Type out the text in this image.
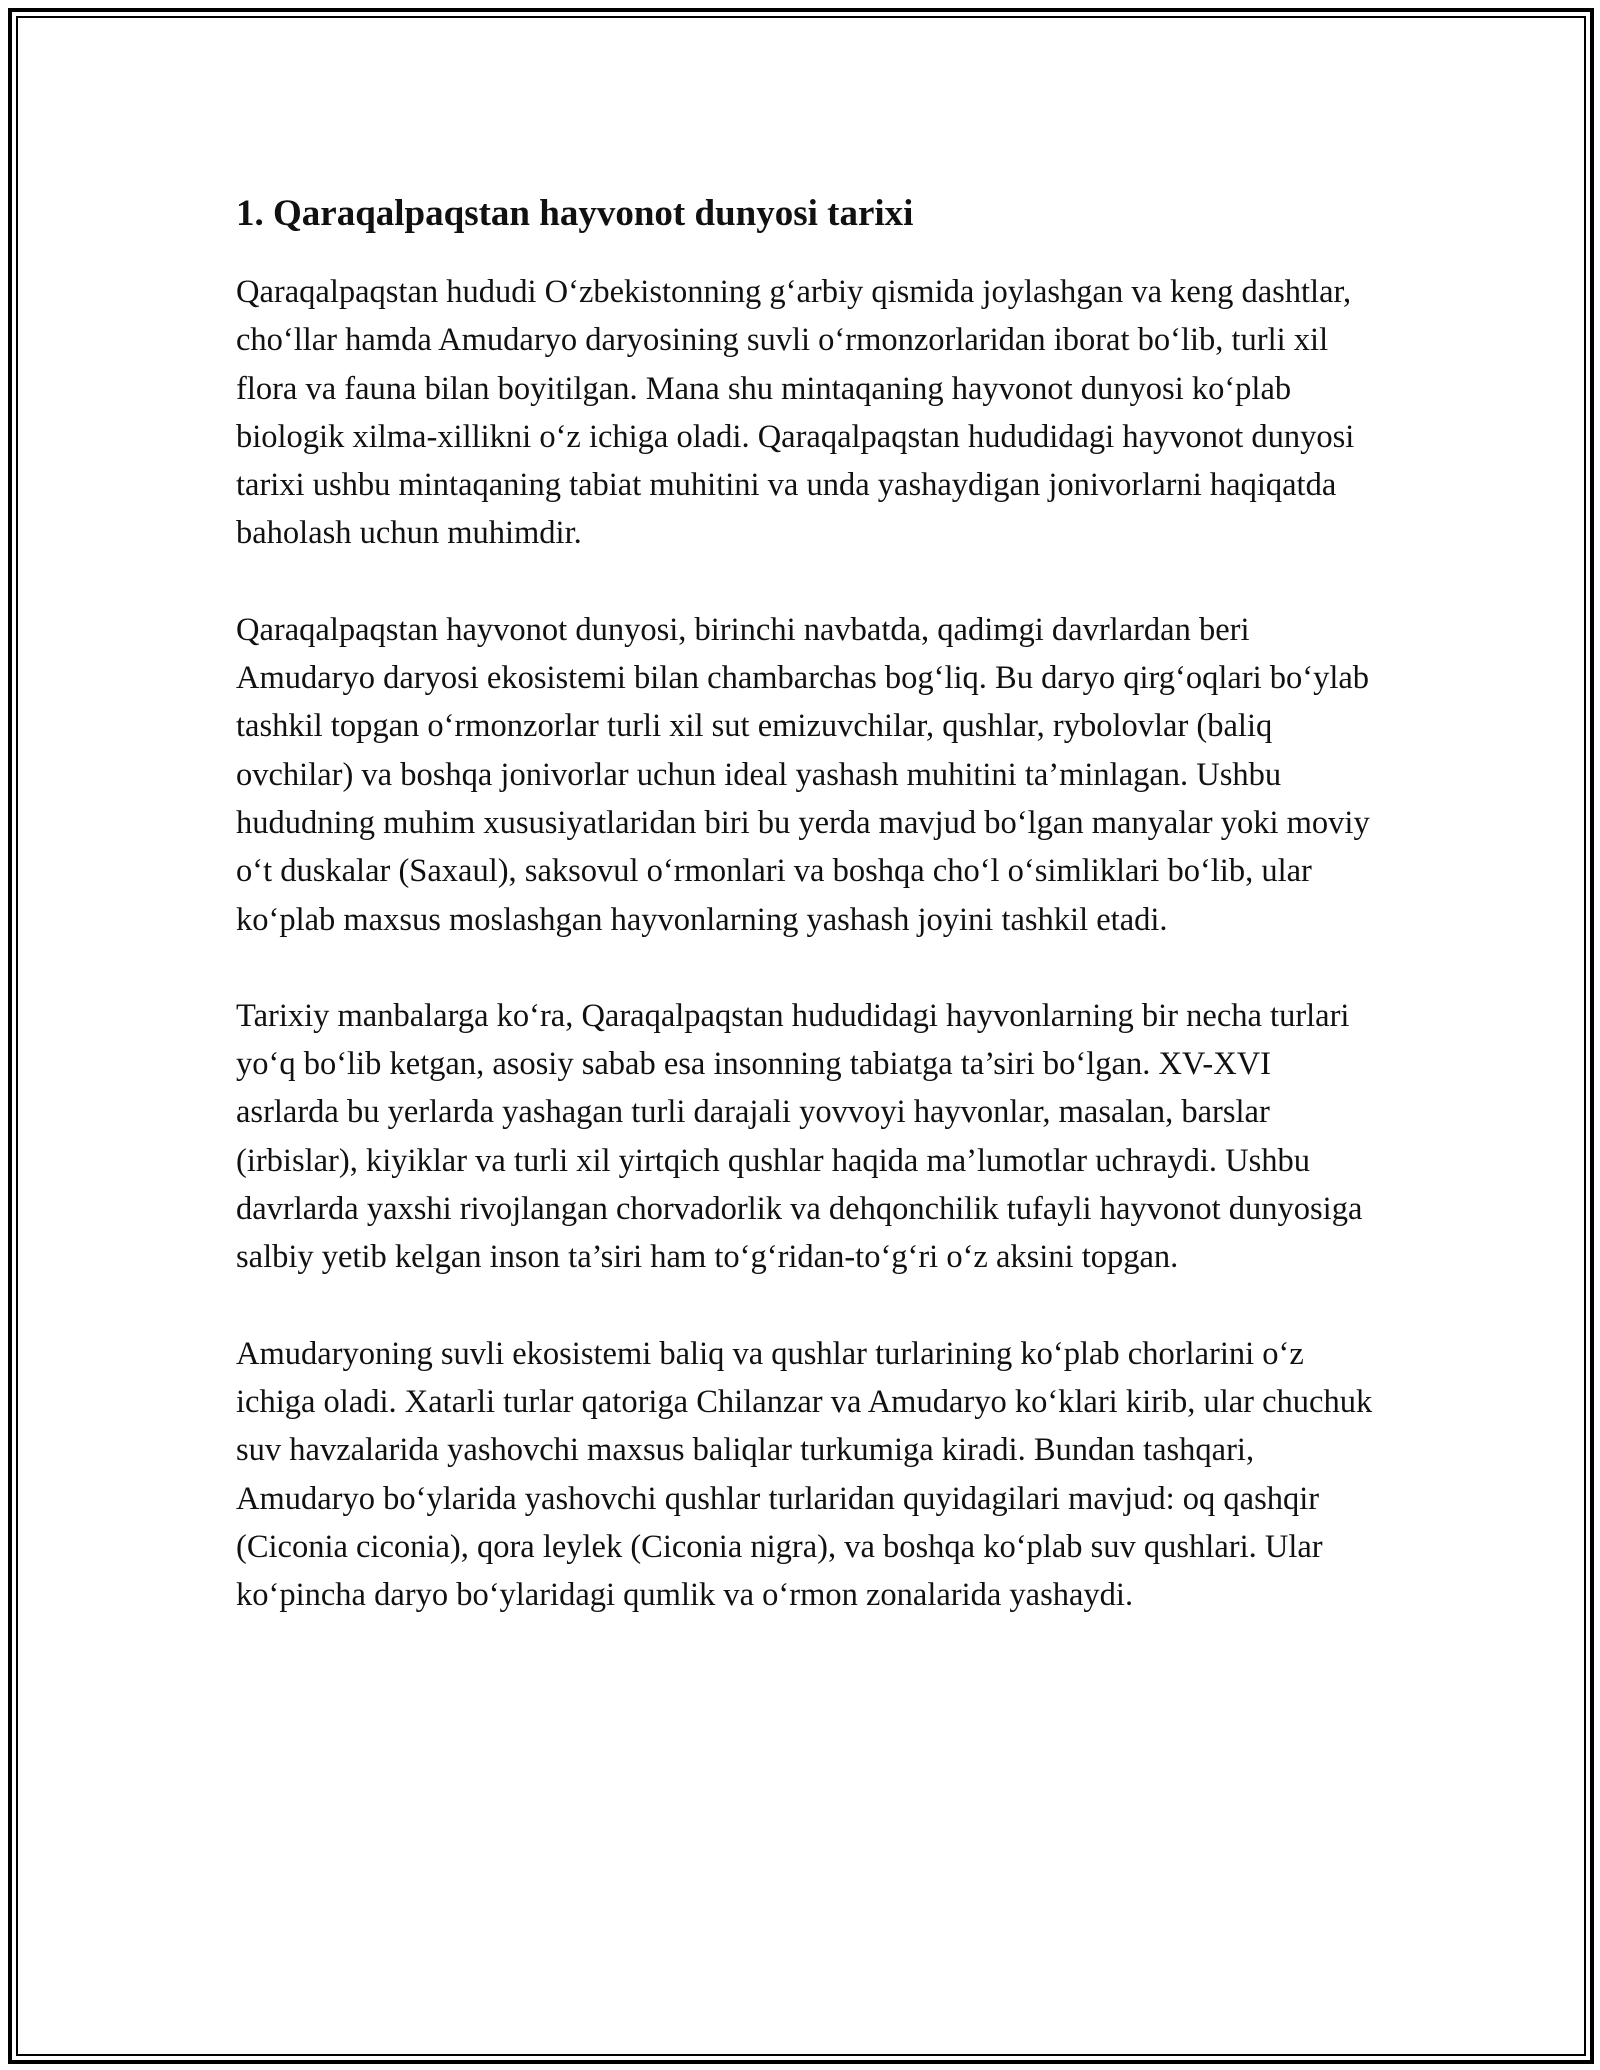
1. Qaraqalpaqstan hayvonot dunyosi tarixi

Qaraqalpaqstan hududi O‘zbekistonning g‘arbiy qismida joylashgan va keng dashtlar, cho‘llar hamda Amudaryo daryosining suvli o‘rmonzorlaridan iborat bo‘lib, turli xil flora va fauna bilan boyitilgan. Mana shu mintaqaning hayvonot dunyosi ko‘plab biologik xilma-xillikni o‘z ichiga oladi. Qaraqalpaqstan hududidagi hayvonot dunyosi tarixi ushbu mintaqaning tabiat muhitini va unda yashaydigan jonivorlarni haqiqatda baholash uchun muhimdir.

Qaraqalpaqstan hayvonot dunyosi, birinchi navbatda, qadimgi davrlardan beri Amudaryo daryosi ekosistemi bilan chambarchas bog‘liq. Bu daryo qirg‘oqlari bo‘ylab tashkil topgan o‘rmonzorlar turli xil sut emizuvchilar, qushlar, rybolovlar (baliq ovchilar) va boshqa jonivorlar uchun ideal yashash muhitini ta’minlagan. Ushbu hududning muhim xususiyatlaridan biri bu yerda mavjud bo‘lgan manyalar yoki moviy o‘t duskalar (Saxaul), saksovul o‘rmonlari va boshqa cho‘l o‘simliklari bo‘lib, ular ko‘plab maxsus moslashgan hayvonlarning yashash joyini tashkil etadi.

Tarixiy manbalarga ko‘ra, Qaraqalpaqstan hududidagi hayvonlarning bir necha turlari yo‘q bo‘lib ketgan, asosiy sabab esa insonning tabiatga ta’siri bo‘lgan. XV-XVI asrlarda bu yerlarda yashagan turli darajali yovvoyi hayvonlar, masalan, barslar (irbislar), kiyiklar va turli xil yirtqich qushlar haqida ma’lumotlar uchraydi. Ushbu davrlarda yaxshi rivojlangan chorvadorlik va dehqonchilik tufayli hayvonot dunyosiga salbiy yetib kelgan inson ta’siri ham to‘g‘ridan-to‘g‘ri o‘z aksini topgan.

Amudaryoning suvli ekosistemi baliq va qushlar turlarining ko‘plab chorlarini o‘z ichiga oladi. Xatarli turlar qatoriga Chilanzar va Amudaryo ko‘klari kirib, ular chuchuk suv havzalarida yashovchi maxsus baliqlar turkumiga kiradi. Bundan tashqari, Amudaryo bo‘ylarida yashovchi qushlar turlaridan quyidagilari mavjud: oq qashqir (Ciconia ciconia), qora leylek (Ciconia nigra), va boshqa ko‘plab suv qushlari. Ular ko‘pincha daryo bo‘ylaridagi qumlik va o‘rmon zonalarida yashaydi.
